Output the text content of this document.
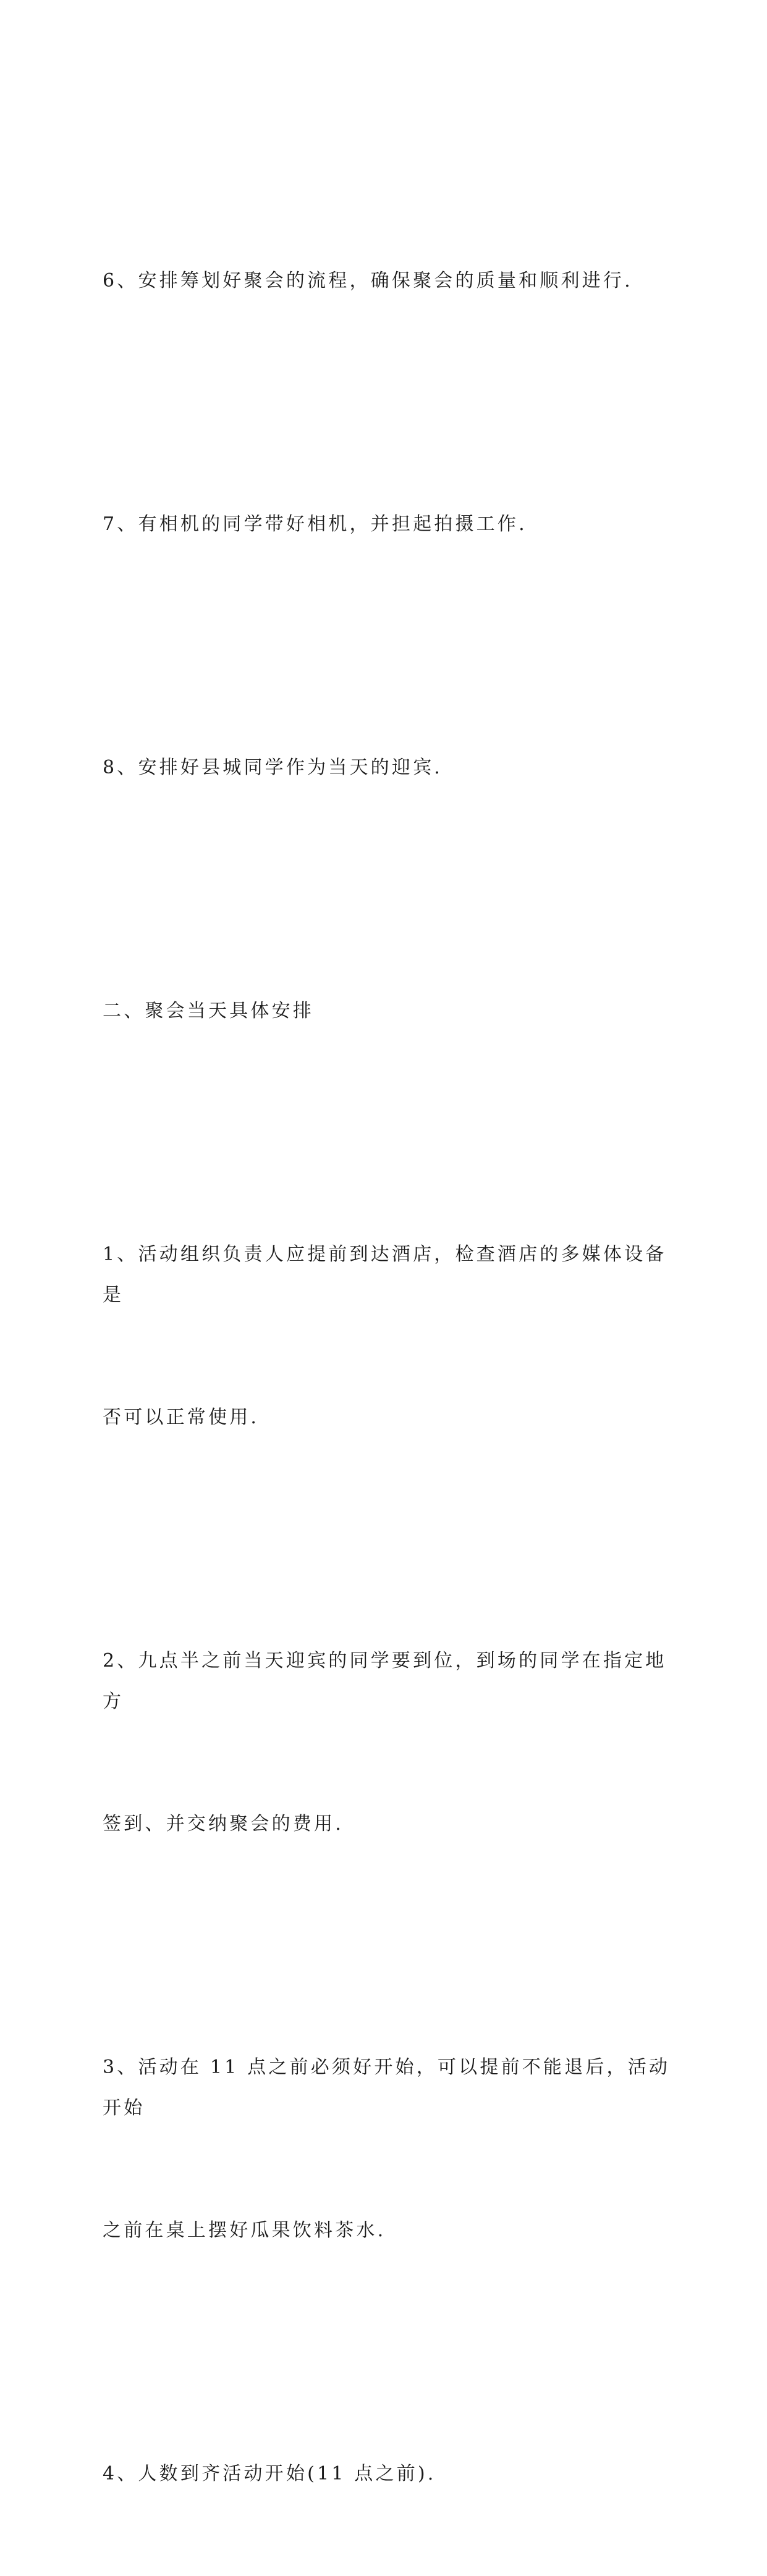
6、安排筹划好聚会的流程，确保聚会的质量和顺利进行.

7、有相机的同学带好相机，并担起拍摄工作.

8、安排好县城同学作为当天的迎宾.

二、聚会当天具体安排

1、活动组织负责人应提前到达酒店，检查酒店的多媒体设备是

否可以正常使用.

2、九点半之前当天迎宾的同学要到位，到场的同学在指定地方

签到、并交纳聚会的费用.

3、活动在 11 点之前必须好开始，可以提前不能退后，活动开始

之前在桌上摆好瓜果饮料茶水.

4、人数到齐活动开始(11 点之前).
